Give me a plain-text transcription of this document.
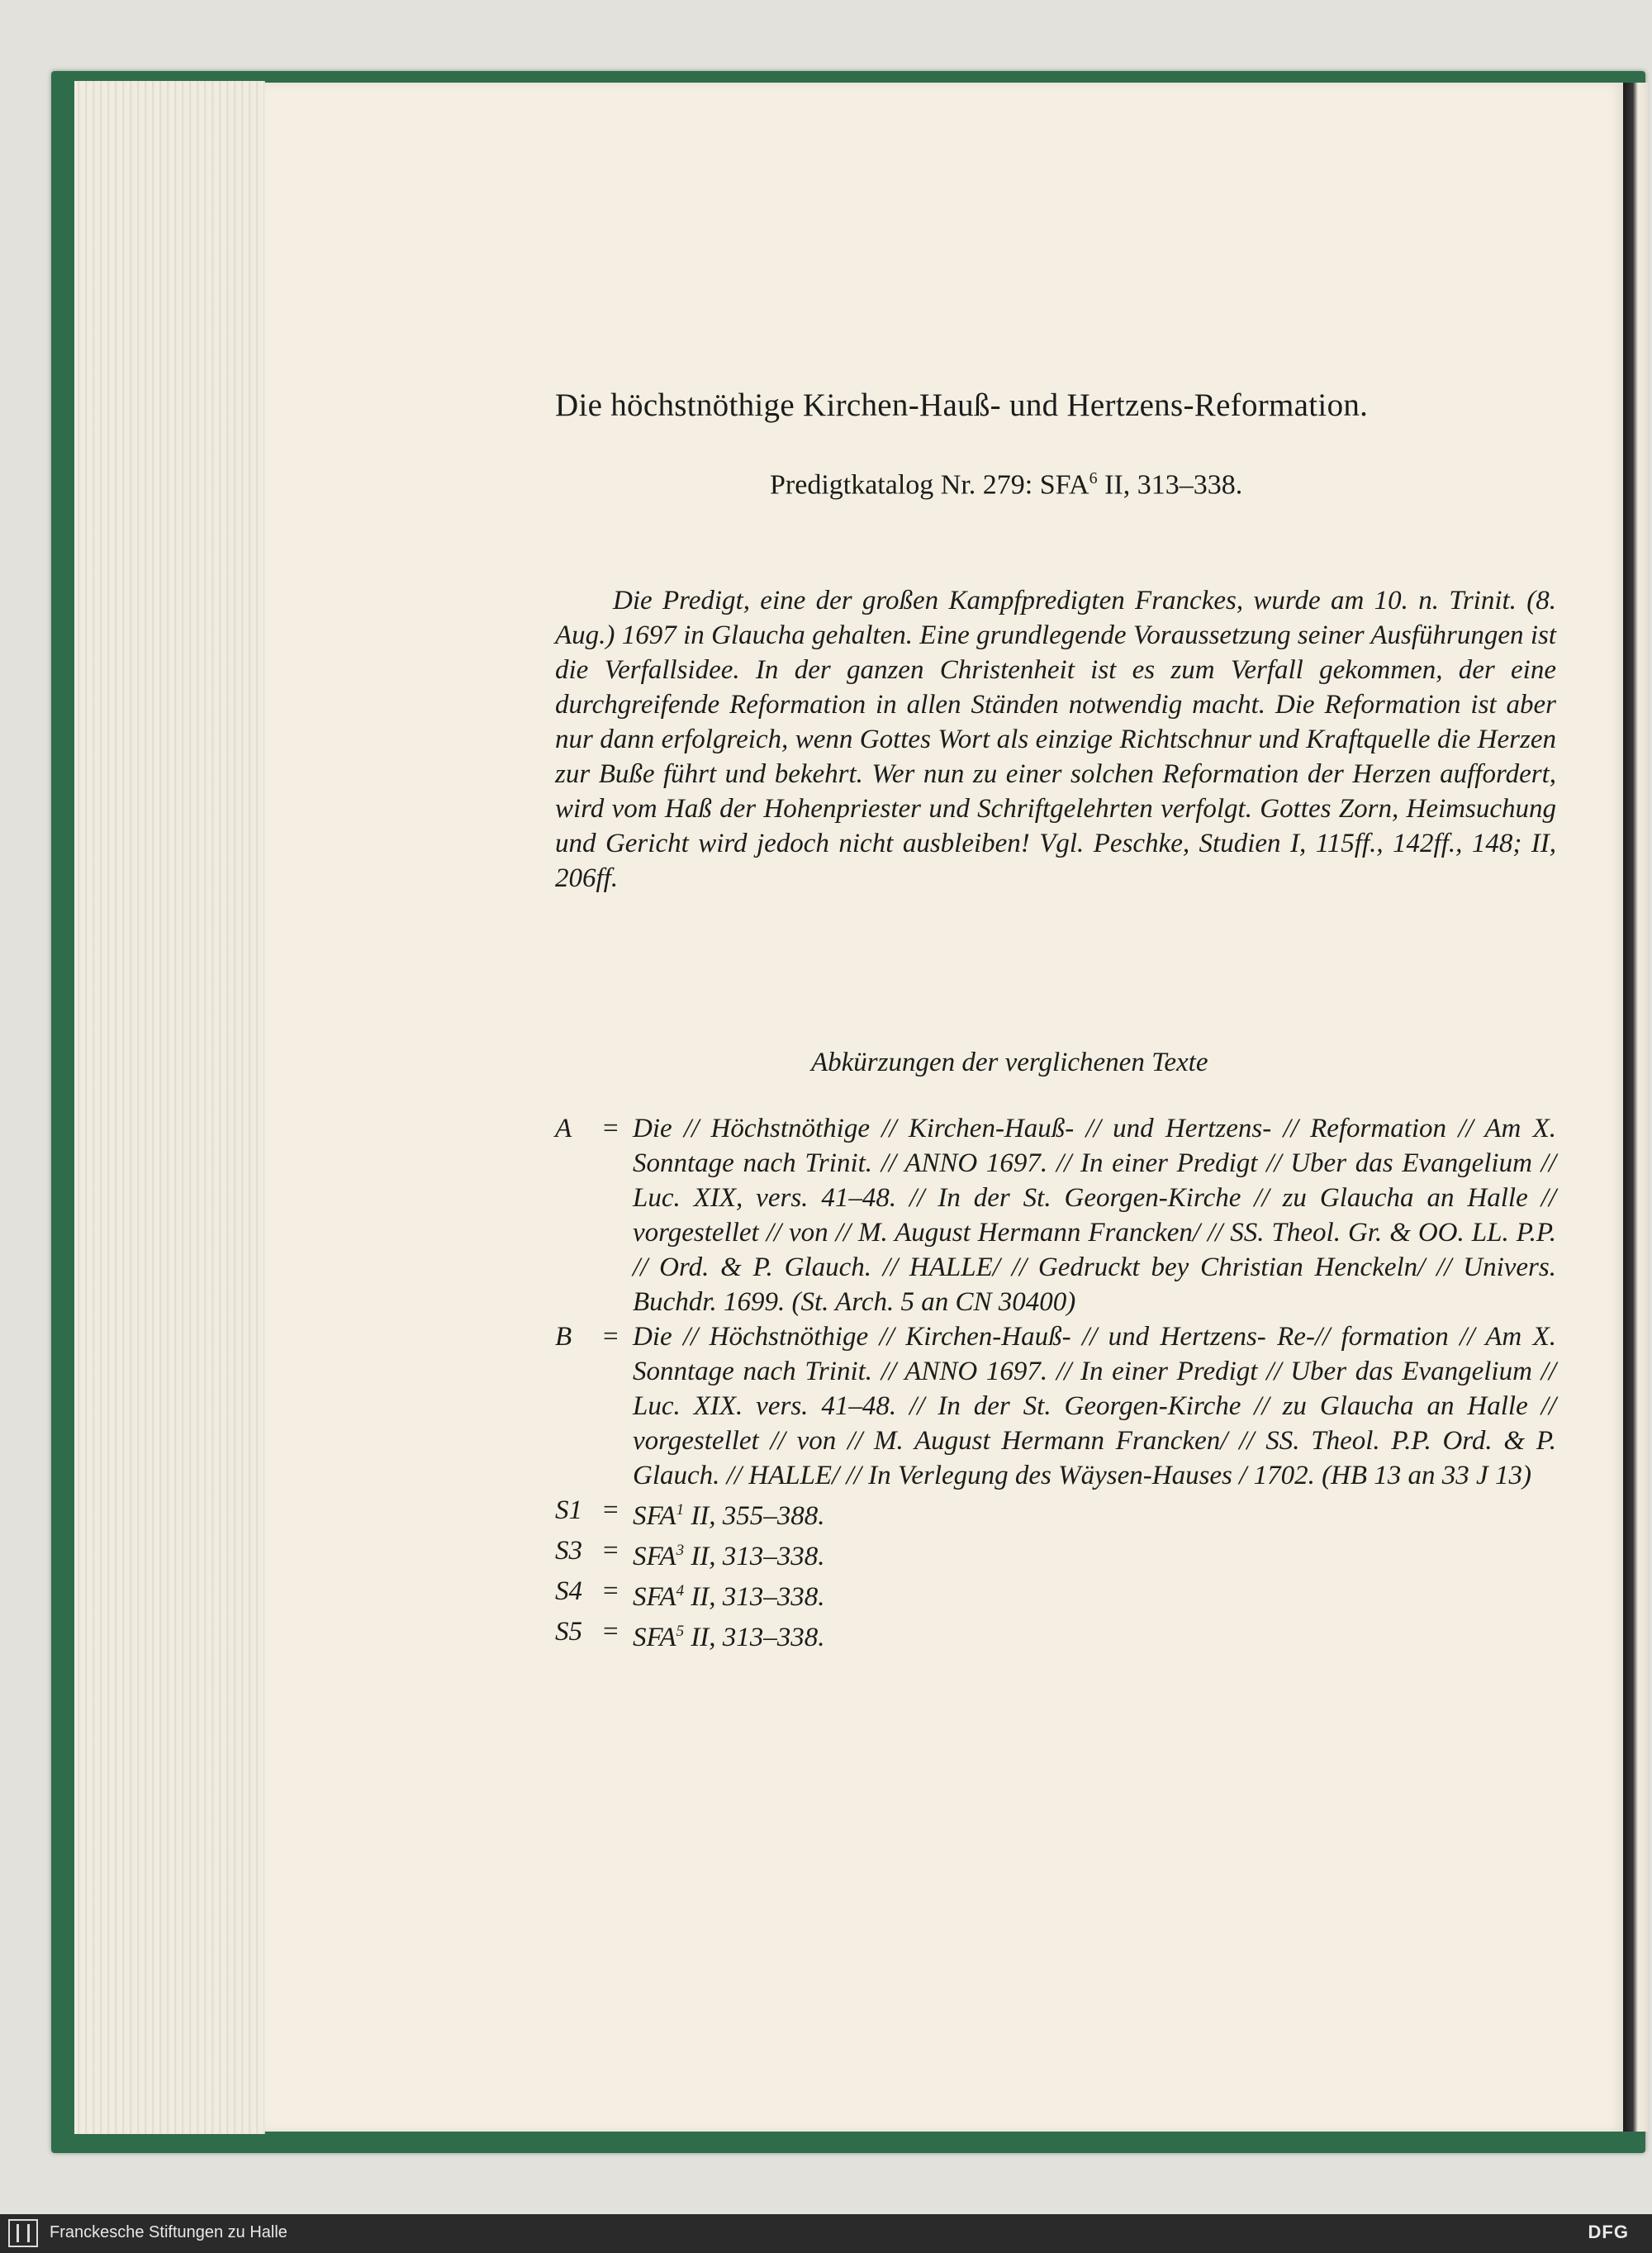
Die höchstnöthige Kirchen-Hauß- und Hertzens-Reformation.
Predigtkatalog Nr. 279: SFA$^6$ II, 313–338.
Die Predigt, eine der großen Kampfpredigten Franckes, wurde am 10. n. Trinit. (8. Aug.) 1697 in Glaucha gehalten. Eine grundlegende Voraussetzung seiner Ausführungen ist die Verfallsidee. In der ganzen Christenheit ist es zum Verfall gekommen, der eine durchgreifende Reformation in allen Ständen notwendig macht. Die Reformation ist aber nur dann erfolgreich, wenn Gottes Wort als einzige Richtschnur und Kraftquelle die Herzen zur Buße führt und bekehrt. Wer nun zu einer solchen Reformation der Herzen auffordert, wird vom Haß der Hohenpriester und Schriftgelehrten verfolgt. Gottes Zorn, Heimsuchung und Gericht wird jedoch nicht ausbleiben! Vgl. Peschke, Studien I, 115ff., 142ff., 148; II, 206ff.
Abkürzungen der verglichenen Texte
A	= Die // Höchstnöthige // Kirchen-Hauß- // und Hertzens- // Reformation // Am X. Sonntage nach Trinit. // ANNO 1697. // In einer Predigt // Uber das Evangelium // Luc. XIX, vers. 41–48. // In der St. Georgen-Kirche // zu Glaucha an Halle // vorgestellet // von // M. August Hermann Francken/ // SS. Theol. Gr. & OO. LL. P.P. // Ord. & P. Glauch. // HALLE/ // Gedruckt bey Christian Henckeln/ // Univers. Buchdr. 1699. (St. Arch. 5 an CN 30400)
B	= Die // Höchstnöthige // Kirchen-Hauß- // und Hertzens- Re-// formation // Am X. Sonntage nach Trinit. // ANNO 1697. // In einer Predigt // Uber das Evangelium // Luc. XIX. vers. 41–48. // In der St. Georgen-Kirche // zu Glaucha an Halle // vorgestellet // von // M. August Hermann Francken/ // SS. Theol. P.P. Ord. & P. Glauch. // HALLE/ // In Verlegung des Wäysen-Hauses / 1702. (HB 13 an 33 J 13)
$S1 = SFA^1$ II, 355–388.
$S3 = SFA^3$ II, 313–338.
$S4 = SFA^4$ II, 313–338.
$S5 = SFA^5$ II, 313–338.
Franckesche Stiftungen zu Halle	DFG
